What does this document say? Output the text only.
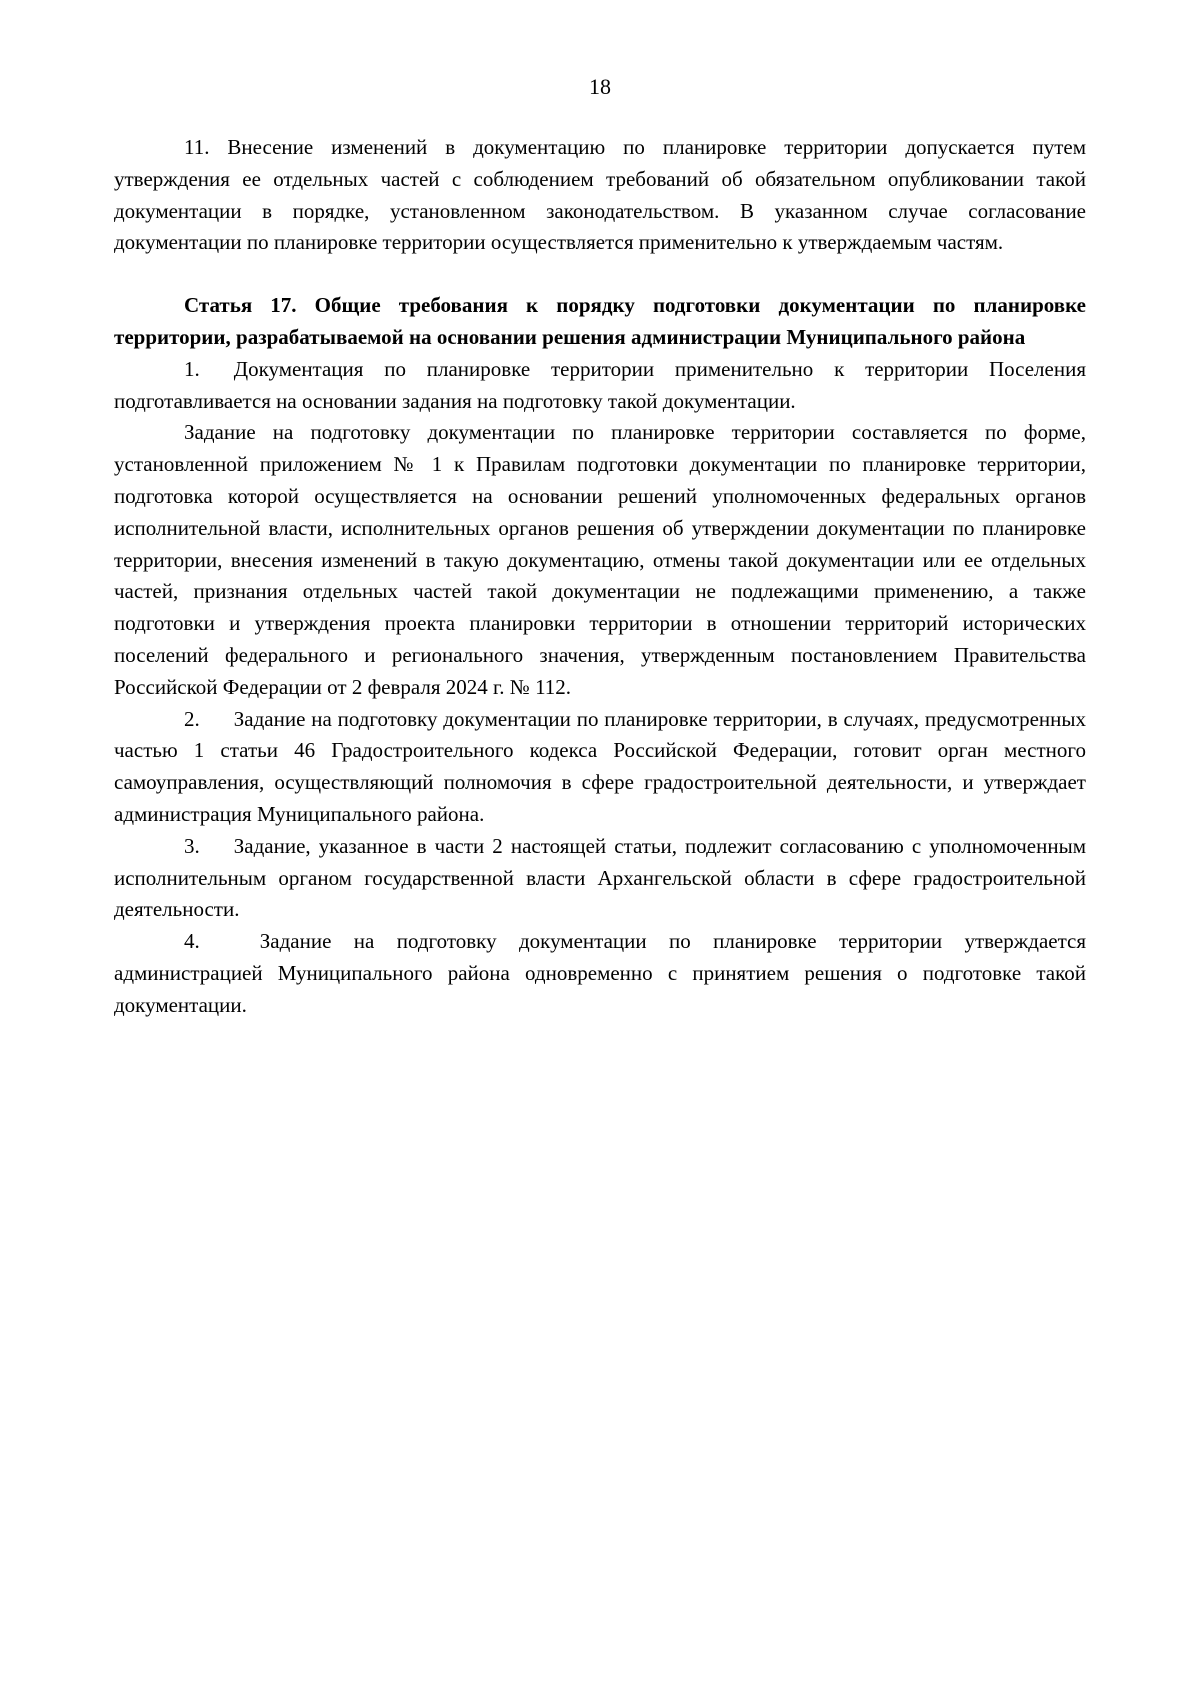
18

11. Внесение изменений в документацию по планировке территории допускается путем утверждения ее отдельных частей с соблюдением требований об обязательном опубликовании такой документации в порядке, установленном законодательством. В указанном случае согласование документации по планировке территории осуществляется применительно к утверждаемым частям.

Статья 17. Общие требования к порядку подготовки документации по планировке территории, разрабатываемой на основании решения администрации Муниципального района

1. Документация по планировке территории применительно к территории Поселения подготавливается на основании задания на подготовку такой документации.

Задание на подготовку документации по планировке территории составляется по форме, установленной приложением № 1 к Правилам подготовки документации по планировке территории, подготовка которой осуществляется на основании решений уполномоченных федеральных органов исполнительной власти, исполнительных органов решения об утверждении документации по планировке территории, внесения изменений в такую документацию, отмены такой документации или ее отдельных частей, признания отдельных частей такой документации не подлежащими применению, а также подготовки и утверждения проекта планировки территории в отношении территорий исторических поселений федерального и регионального значения, утвержденным постановлением Правительства Российской Федерации от 2 февраля 2024 г. № 112.

2. Задание на подготовку документации по планировке территории, в случаях, предусмотренных частью 1 статьи 46 Градостроительного кодекса Российской Федерации, готовит орган местного самоуправления, осуществляющий полномочия в сфере градостроительной деятельности, и утверждает администрация Муниципального района.

3. Задание, указанное в части 2 настоящей статьи, подлежит согласованию с уполномоченным исполнительным органом государственной власти Архангельской области в сфере градостроительной деятельности.

4.	Задание на подготовку документации по планировке территории утверждается администрацией Муниципального района одновременно с принятием решения о подготовке такой документации.
